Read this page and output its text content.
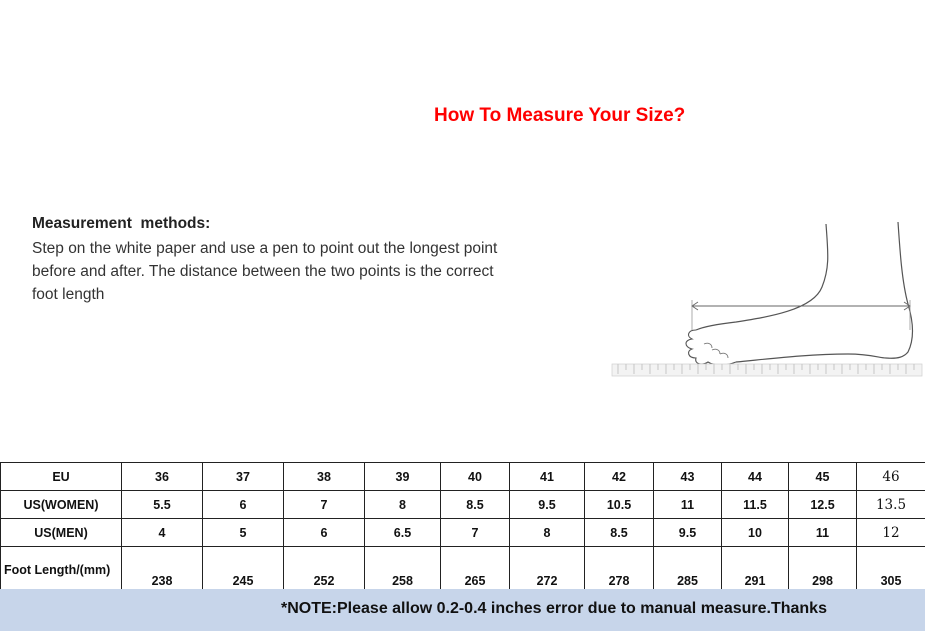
How To Measure Your Size?
Measurement  methods:
Step on the white paper and use a pen to point out the longest point before and after. The distance between the two points is the correct foot length
EU	36	37	38	39	40	41	42	43	44	45	46
US(WOMEN)	5.5	6	7	8	8.5	9.5	10.5	11	11.5	12.5	13.5
US(MEN)	4	5	6	6.5	7	8	8.5	9.5	10	11	12
Foot Length/(mm)	238	245	252	258	265	272	278	285	291	298	305
*NOTE:Please allow 0.2-0.4 inches error due to manual measure.Thanks
